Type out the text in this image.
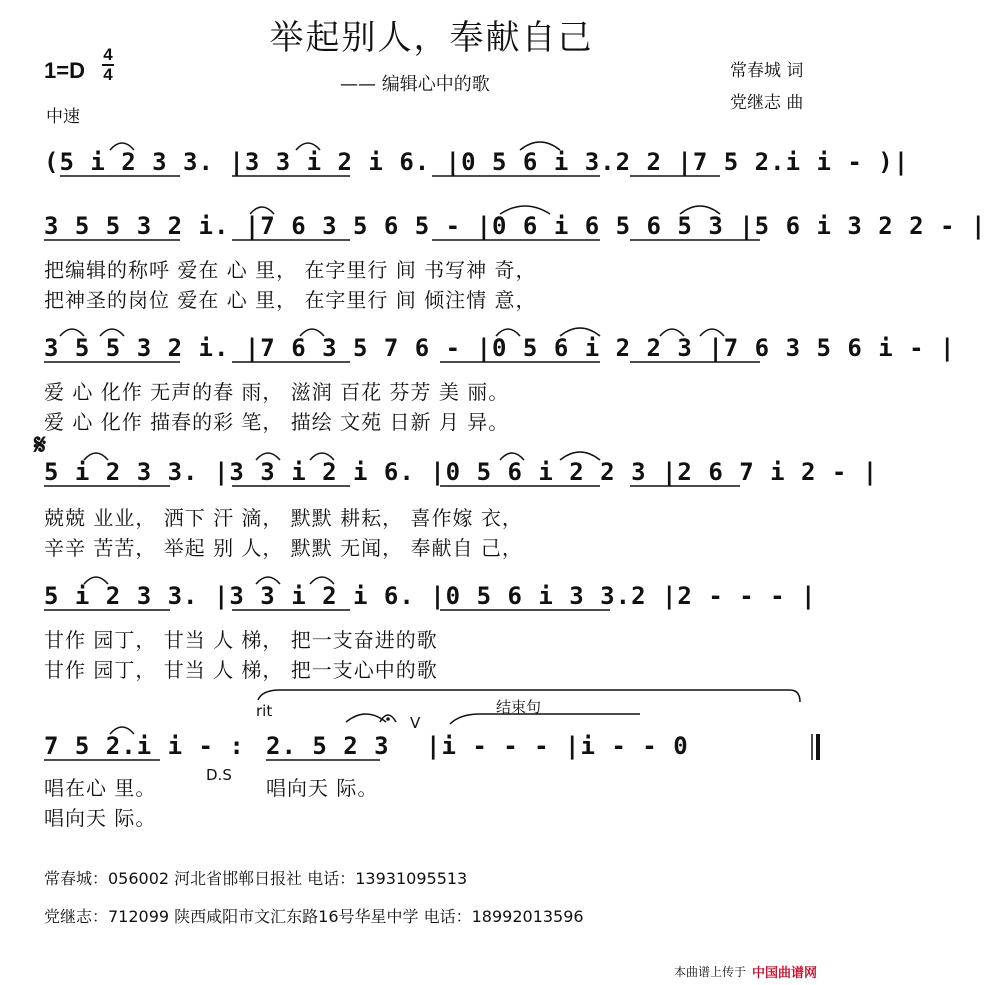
举起别人，奉献自己
—— 编辑心中的歌
1=D
4
4
中速
常春城 词
党继志 曲
(5 i 2 3 3. |3 3 i 2 i 6. |0 5 6 i 3.2 2 |7 5 2.i i - )|
3 5 5 3 2 i. |7 6 3 5 6 5 - |0 6 i 6 5 6 5 3 |5 6 i 3 2 2 - |
把编辑的称呼 爱在 心 里， 在字里行 间 书写神 奇，
把神圣的岗位 爱在 心 里， 在字里行 间 倾注情 意，
3 5 5 3 2 i. |7 6 3 5 7 6 - |0 5 6 i 2 2 3 |7 6 3 5 6 i - |
爱 心 化作 无声的春 雨， 滋润 百花 芬芳 美 丽。
爱 心 化作 描春的彩 笔， 描绘 文苑 日新 月 异。
𝄋
5 i 2 3 3. |3 3 i 2 i 6. |0 5 6 i 2 2 3 |2 6 7 i 2 - |
兢兢 业业， 洒下 汗 滴， 默默 耕耘， 喜作嫁 衣，
辛辛 苦苦， 举起 别 人， 默默 无闻， 奉献自 己，
5 i 2 3 3. |3 3 i 2 i 6. |0 5 6 i 3 3.2 |2 - - - |
甘作 园丁， 甘当 人 梯， 把一支奋进的歌
甘作 园丁， 甘当 人 梯， 把一支心中的歌
rit	结束句
V
7 5 2.i i - : 2. 5 2 3 |i - - - |i - - 0
唱在心 里。
D.S
唱向天 际。
唱向天 际。
常春城：056002 河北省邯郸日报社 电话：13931095513
党继志：712099 陕西咸阳市文汇东路16号华星中学 电话：18992013596
本曲谱上传于 中国曲谱网
